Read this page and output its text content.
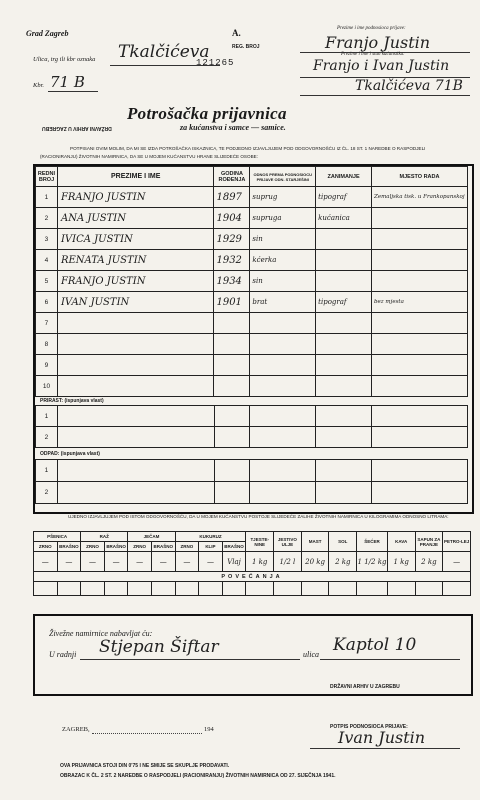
Grad Zagreb	A.
Ulica, trg ili kbr oznaka Tkalčićeva	REG. BROJ
121265
Kbr. 71 B
Prezime i ime podnosioca prijave:
Franjo Justin
Prezime i ime i stan kućanstika:
Franjo i Ivan Justin
Tkalčićeva 71B
Potrošačka prijavnica
za kućanstva i samce — samice.
DRŽAVNI ARHIV U ZAGREBU
POTPISANI OVIM MOLIM, DA MI SE IZDA POTROŠAČKA ISKAZNICA, TE PODJEDNO IZJAVLJUJEM POD ODGOVORNOŠĆU IZ ČL. 18 ST. 1 NAREDBE O RASPODJELI (RACIONIRANJU) ŽIVOTNIH NAMIRNICA, DA SE U MOJEM KUĆANSTVU HRANE SLIJEDEĆE OSOBE:
REDNI BROJ	PREZIME I IME	GODINA ROĐENJA	ODNOS PREMA PODNOSIOCU PRIJAVE ODN. STARJEŠINI	ZANIMANJE	MJESTO RADA
1	FRANJO JUSTIN	1897	suprug	tipograf	Zemaljska tisk. u Frankopanskoj
2	ANA JUSTIN	1904	supruga	kućanica	
3	IVICA JUSTIN	1929	sin		
4	RENATA JUSTIN	1932	kćerka		
5	FRANJO JUSTIN	1934	sin		
6	IVAN JUSTIN	1901	brat	tipograf	bez mjesta
7					
8					
9					
10					
PRIRAST: (ispunjava vlast)
1					
2					
ODPAD: (ispunjava vlast)
1					
2					
UJEDNO IZJAVLJUJEM POD ISTOM ODGOVORNOŠĆU, DA U MOJEM KUĆANSTVU POSTOJE SLIJEDEĆE ZALIHE ŽIVOTNIH NAMIRNICA U KILOGRAMIMA ODNOSNO LITRAMA:
PŠENICA		RAŽ		JEČAM		KUKURUZ			TJESTE-NINE	JESTIVO ULJE	MAST	SOL	ŠEĆER	KAVA	SAPUN ZA PRANJE	PETRO-LEJ
ZRNO	BRAŠNO	ZRNO	BRAŠNO	ZRNO	BRAŠNO	ZRNO	KLIP	BRAŠNO								
—	—	—	—	—	—	—	—	Vlaj	1 kg	1/2 l	20 kg	2 kg	1 1/2 kg	1 kg	2 kg	—
POVEĆANJA																

Živežne namirnice nabavljat ću:
U radnji Stjepan Šiftar	ulica Kaptol 10
DRŽAVNI ARHIV U ZAGREBU
ZAGREB,	194	POTPIS PODNOSIOCA PRIJAVE:
Ivan Justin
OVA PRIJAVNICA STOJI DIN 0'75 I NE SMIJE SE SKUPLJE PRODAVATI.
OBRAZAC K ČL. 2 ST. 2 NAREDBE O RASPODJELI (RACIONIRANJU) ŽIVOTNIH NAMIRNICA OD 27. SIJEČNJA 1941.
